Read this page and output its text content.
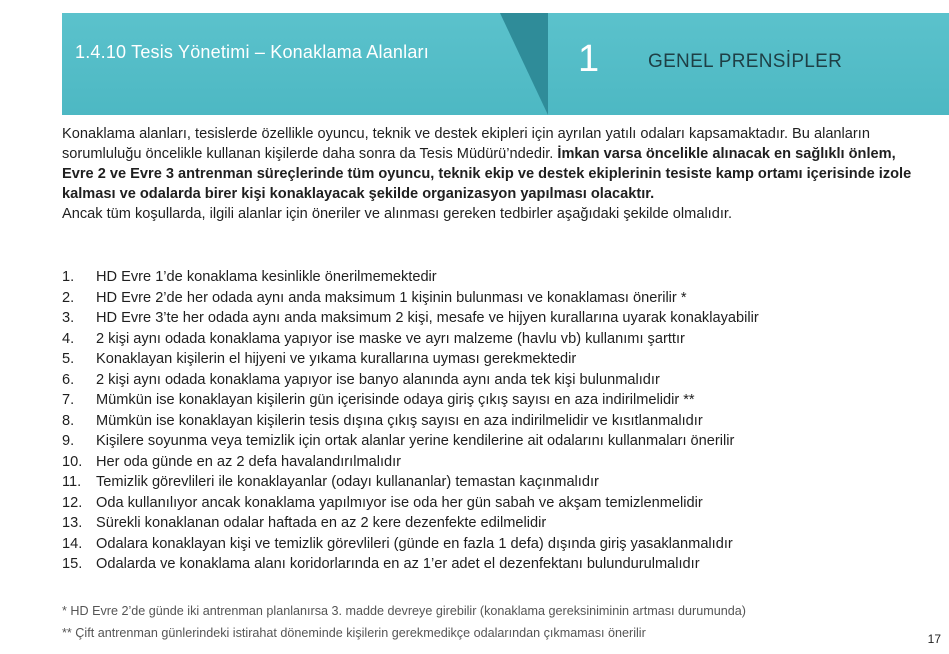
1.4.10 Tesis Yönetimi – Konaklama Alanları	1	GENEL PRENSİPLER
Konaklama alanları, tesislerde özellikle oyuncu, teknik ve destek ekipleri için ayrılan yatılı odaları kapsamaktadır. Bu alanların sorumluluğu öncelikle kullanan kişilerde daha sonra da Tesis Müdürü’ndedir. İmkan varsa öncelikle alınacak en sağlıklı önlem, Evre 2 ve Evre 3 antrenman süreçlerinde tüm oyuncu, teknik ekip ve destek ekiplerinin tesiste kamp ortamı içerisinde izole kalması ve odalarda birer kişi konaklayacak şekilde organizasyon yapılması olacaktır.
Ancak tüm koşullarda, ilgili alanlar için öneriler ve alınması gereken tedbirler aşağıdaki şekilde olmalıdır.
1.	HD Evre 1’de konaklama kesinlikle önerilmemektedir
2.	HD Evre 2’de her odada aynı anda maksimum 1 kişinin bulunması ve konaklaması önerilir *
3.	HD Evre 3’te her odada aynı anda maksimum 2 kişi, mesafe ve hijyen kurallarına uyarak konaklayabilir
4.	2 kişi aynı odada konaklama yapıyor ise maske ve ayrı malzeme (havlu vb) kullanımı şarttır
5.	Konaklayan kişilerin el hijyeni ve yıkama kurallarına uyması gerekmektedir
6.	2 kişi aynı odada konaklama yapıyor ise banyo alanında aynı anda tek kişi bulunmalıdır
7.	Mümkün ise konaklayan kişilerin gün içerisinde odaya giriş çıkış sayısı en aza indirilmelidir **
8.	Mümkün ise konaklayan kişilerin tesis dışına çıkış sayısı en aza indirilmelidir ve kısıtlanmalıdır
9.	Kişilere soyunma veya temizlik için ortak alanlar yerine kendilerine ait odalarını kullanmaları önerilir
10. Her oda günde en az 2 defa havalandırılmalıdır
11.	Temizlik görevlileri ile konaklayanlar (odayı kullananlar) temastan kaçınmalıdır
12. Oda kullanılıyor ancak konaklama yapılmıyor ise oda her gün sabah ve akşam temizlenmelidir
13. Sürekli konaklanan odalar haftada en az 2 kere dezenfekte edilmelidir
14. Odalara konaklayan kişi ve temizlik görevlileri (günde en fazla 1 defa) dışında giriş yasaklanmalıdır
15. Odalarda ve konaklama alanı koridorlarında en az 1’er adet el dezenfektanı bulundurulmalıdır
* HD Evre 2’de günde iki antrenman planlanırsa 3. madde devreye girebilir (konaklama gereksiniminin artması durumunda)
** Çift antrenman günlerindeki istirahat döneminde kişilerin gerekmedikçe odalarından çıkmaması önerilir	17
